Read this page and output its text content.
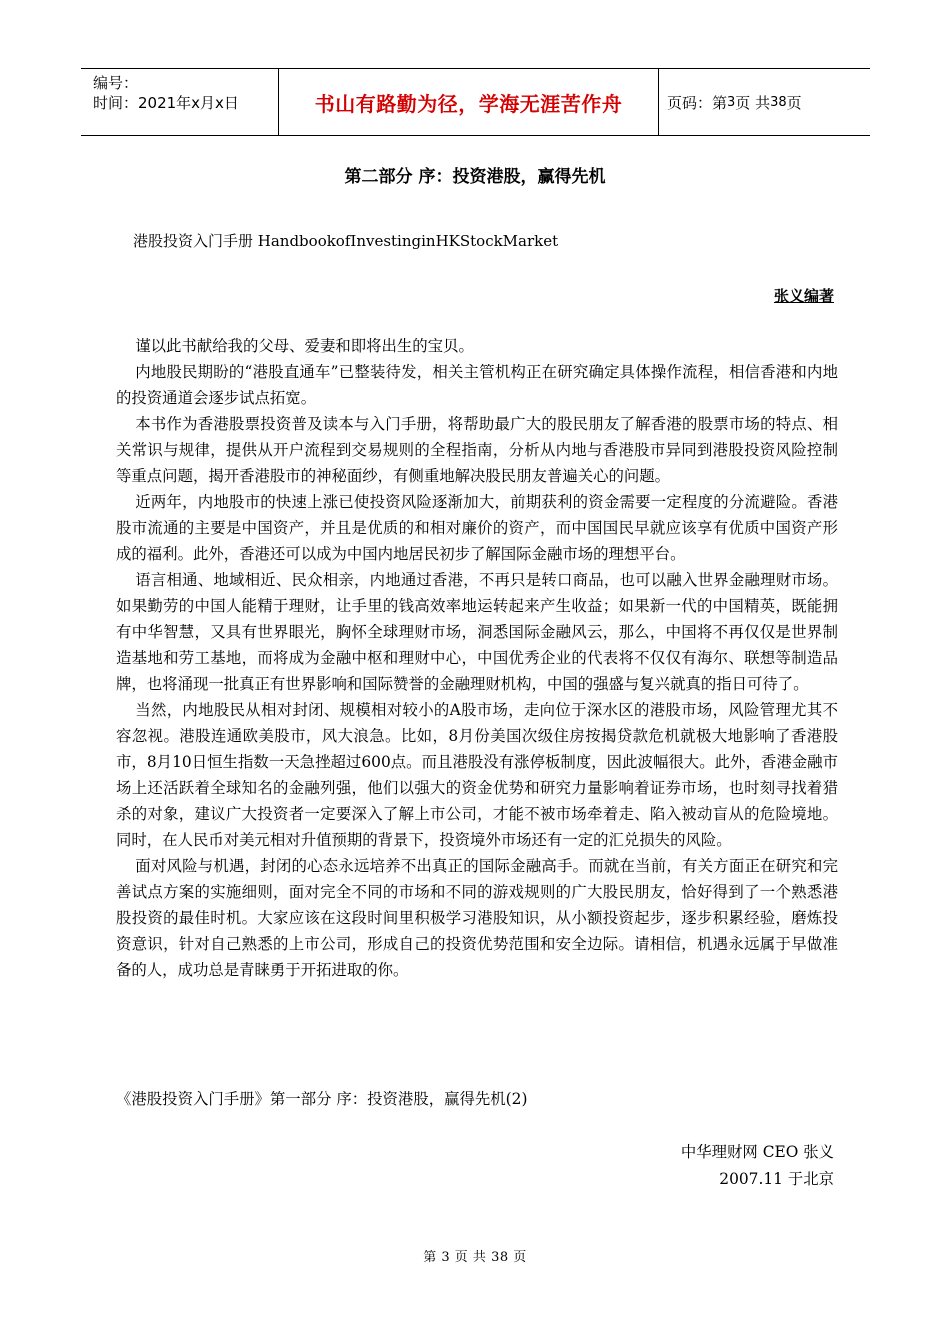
编号：
时间：2021年x月x日	书山有路勤为径，学海无涯苦作舟	页码：第 3 页 共 38 页
第二部分 序：投资港股，赢得先机
港股投资入门手册 HandbookofInvestinginHKStockMarket
张义编著

谨以此书献给我的父母、爱妻和即将出生的宝贝。

内地股民期盼的“港股直通车”已整装待发，相关主管机构正在研究确定具体操作流程，相信香港和内地的投资通道会逐步试点拓宽。

本书作为香港股票投资普及读本与入门手册，将帮助最广大的股民朋友了解香港的股票市场的特点、相关常识与规律，提供从开户流程到交易规则的全程指南，分析从内地与香港股市异同到港股投资风险控制等重点问题，揭开香港股市的神秘面纱，有侧重地解决股民朋友普遍关心的问题。

近两年，内地股市的快速上涨已使投资风险逐渐加大，前期获利的资金需要一定程度的分流避险。香港股市流通的主要是中国资产，并且是优质的和相对廉价的资产，而中国国民早就应该享有优质中国资产形成的福利。此外，香港还可以成为中国内地居民初步了解国际金融市场的理想平台。

语言相通、地域相近、民众相亲，内地通过香港，不再只是转口商品，也可以融入世界金融理财市场。如果勤劳的中国人能精于理财，让手里的钱高效率地运转起来产生收益；如果新一代的中国精英，既能拥有中华智慧，又具有世界眼光，胸怀全球理财市场，洞悉国际金融风云，那么，中国将不再仅仅是世界制造基地和劳工基地，而将成为金融中枢和理财中心，中国优秀企业的代表将不仅仅有海尔、联想等制造品牌，也将涌现一批真正有世界影响和国际赞誉的金融理财机构，中国的强盛与复兴就真的指日可待了。

当然，内地股民从相对封闭、规模相对较小的A股市场，走向位于深水区的港股市场，风险管理尤其不容忽视。港股连通欧美股市，风大浪急。比如，8月份美国次级住房按揭贷款危机就极大地影响了香港股市，8月10日恒生指数一天急挫超过600点。而且港股没有涨停板制度，因此波幅很大。此外，香港金融市场上还活跃着全球知名的金融列强，他们以强大的资金优势和研究力量影响着证券市场，也时刻寻找着猎杀的对象，建议广大投资者一定要深入了解上市公司，才能不被市场牵着走、陷入被动盲从的危险境地。同时，在人民币对美元相对升值预期的背景下，投资境外市场还有一定的汇兑损失的风险。

面对风险与机遇，封闭的心态永远培养不出真正的国际金融高手。而就在当前，有关方面正在研究和完善试点方案的实施细则，面对完全不同的市场和不同的游戏规则的广大股民朋友，恰好得到了一个熟悉港股投资的最佳时机。大家应该在这段时间里积极学习港股知识，从小额投资起步，逐步积累经验，磨炼投资意识，针对自己熟悉的上市公司，形成自己的投资优势范围和安全边际。请相信，机遇永远属于早做准备的人，成功总是青睐勇于开拓进取的你。

《港股投资入门手册》第一部分 序：投资港股，赢得先机(2)
中华理财网 CEO 张义
2007.11 于北京
第 3 页 共 38 页
